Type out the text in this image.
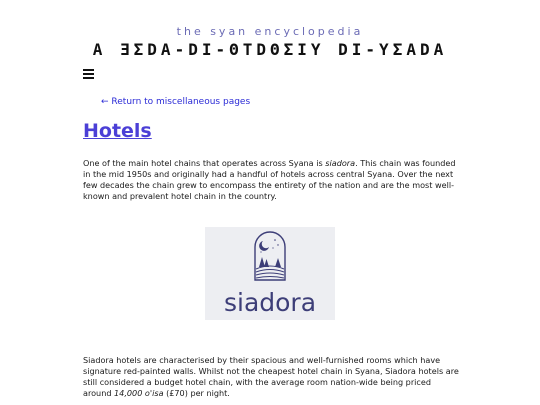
the syan encyclopedia
A ƎΣDA-DI-ΘTDΘΣIY DI-YΣADA
← Return to miscellaneous pages
Hotels

One of the main hotel chains that operates across Syana is siadora. This chain was founded in the mid 1950s and originally had a handful of hotels across central Syana. Over the next few decades the chain grew to encompass the entirety of the nation and are the most well-known and prevalent hotel chain in the country.

siadora

Siadora hotels are characterised by their spacious and well-furnished rooms which have signature red-painted walls. Whilst not the cheapest hotel chain in Syana, Siadora hotels are still considered a budget hotel chain, with the average room nation-wide being priced around 14,000 o'isa (£70) per night.
